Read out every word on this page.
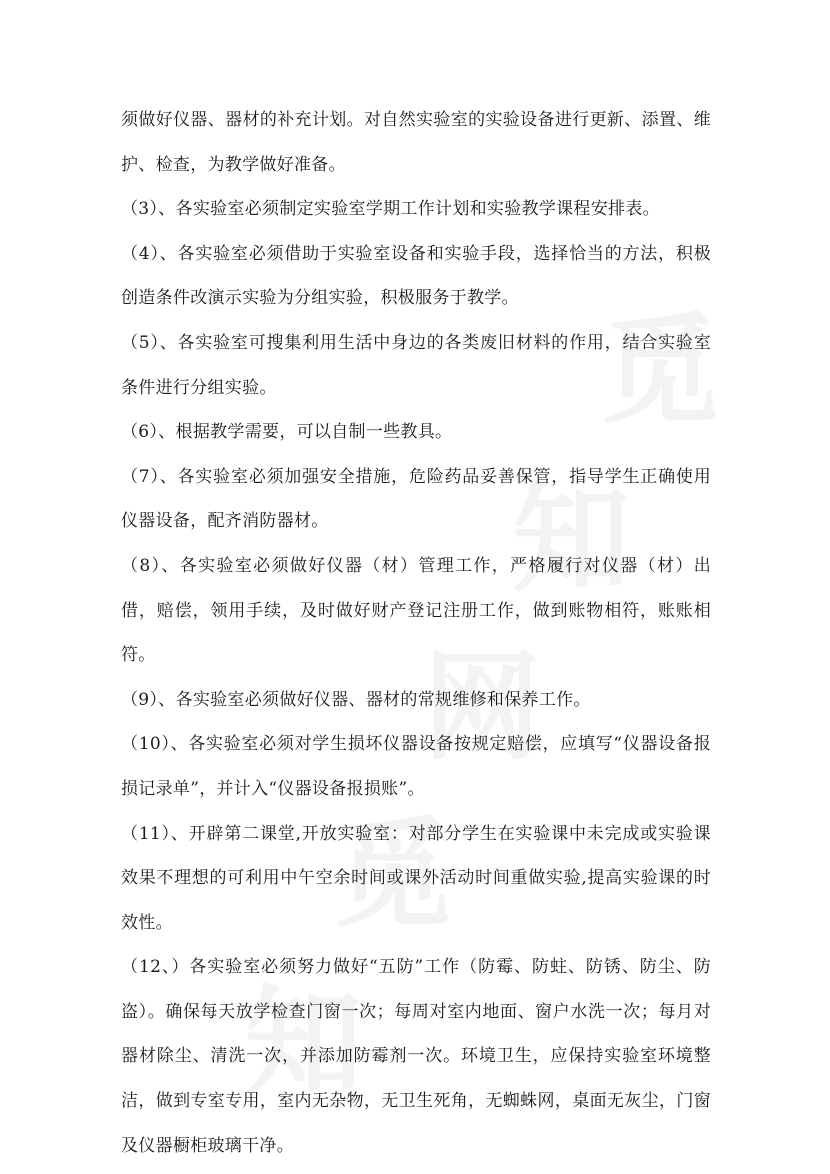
觅
知
网
觅
知

须做好仪器、器材的补充计划。对自然实验室的实验设备进行更新、添置、维护、检查，为教学做好准备。

（3）、各实验室必须制定实验室学期工作计划和实验教学课程安排表。

（4）、各实验室必须借助于实验室设备和实验手段，选择恰当的方法，积极创造条件改演示实验为分组实验，积极服务于教学。

（5）、各实验室可搜集利用生活中身边的各类废旧材料的作用，结合实验室条件进行分组实验。

（6）、根据教学需要，可以自制一些教具。

（7）、各实验室必须加强安全措施，危险药品妥善保管，指导学生正确使用仪器设备，配齐消防器材。

（8）、各实验室必须做好仪器（材）管理工作，严格履行对仪器（材）出借，赔偿，领用手续，及时做好财产登记注册工作，做到账物相符，账账相符。

（9）、各实验室必须做好仪器、器材的常规维修和保养工作。

（10）、各实验室必须对学生损坏仪器设备按规定赔偿，应填写“仪器设备报损记录单”，并计入“仪器设备报损账”。

（11）、开辟第二课堂,开放实验室：对部分学生在实验课中未完成或实验课效果不理想的可利用中午空余时间或课外活动时间重做实验,提高实验课的时效性。

（12、）各实验室必须努力做好“五防”工作（防霉、防蛀、防锈、防尘、防盗）。确保每天放学检查门窗一次；每周对室内地面、窗户水洗一次；每月对器材除尘、清洗一次，并添加防霉剂一次。环境卫生，应保持实验室环境整洁，做到专室专用，室内无杂物，无卫生死角，无蜘蛛网，桌面无灰尘，门窗及仪器橱柜玻璃干净。
